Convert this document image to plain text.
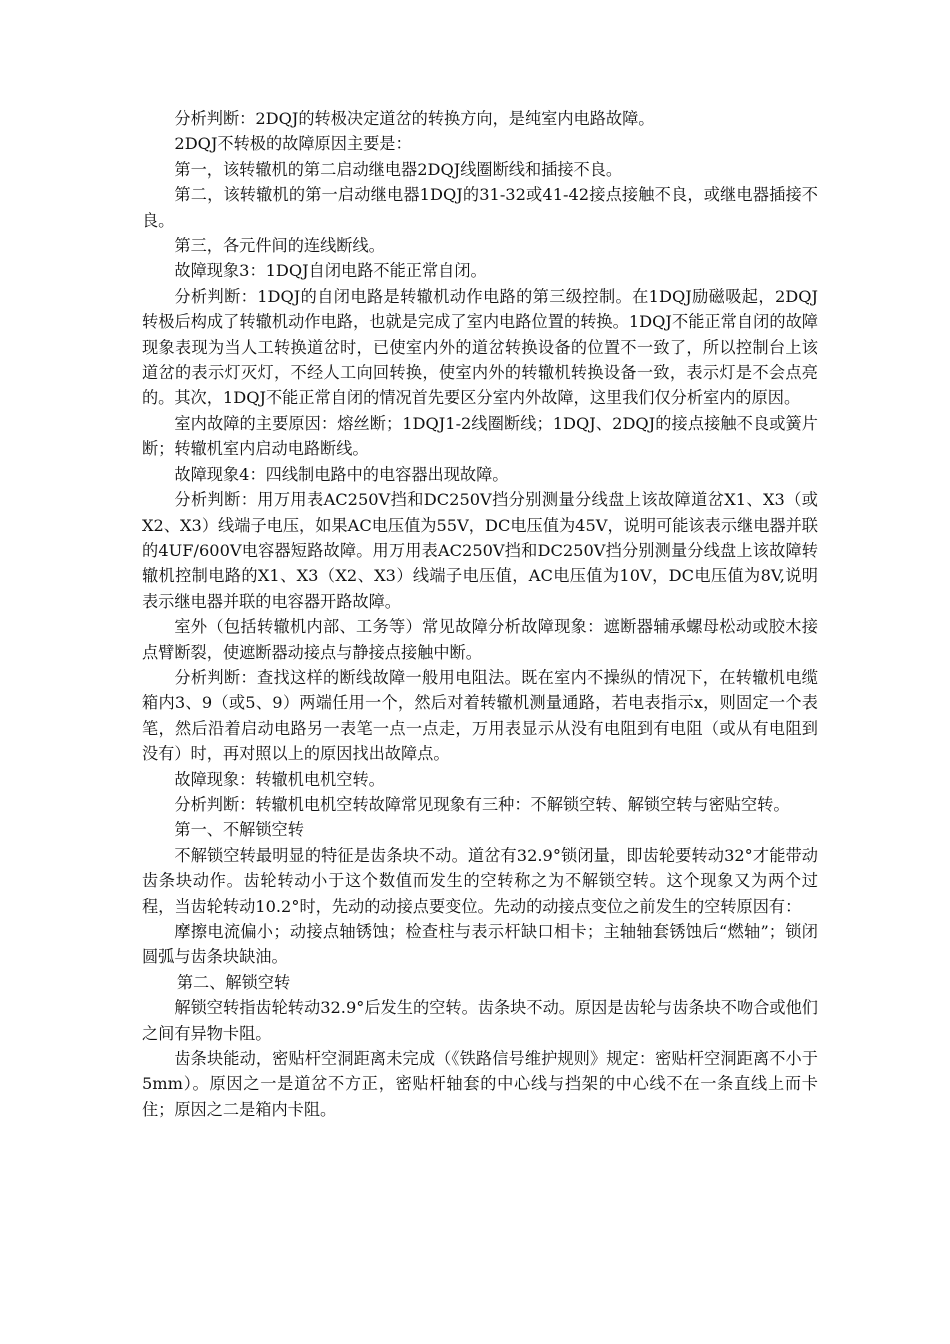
分析判断：2DQJ的转极决定道岔的转换方向，是纯室内电路故障。

2DQJ不转极的故障原因主要是：

第一，该转辙机的第二启动继电器2DQJ线圈断线和插接不良。

第二，该转辙机的第一启动继电器1DQJ的31-32或41-42接点接触不良，或继电器插接不良。

第三，各元件间的连线断线。

故障现象3：1DQJ自闭电路不能正常自闭。

分析判断：1DQJ的自闭电路是转辙机动作电路的第三级控制。在1DQJ励磁吸起，2DQJ转极后构成了转辙机动作电路，也就是完成了室内电路位置的转换。1DQJ不能正常自闭的故障现象表现为当人工转换道岔时，已使室内外的道岔转换设备的位置不一致了，所以控制台上该道岔的表示灯灭灯，不经人工向回转换，使室内外的转辙机转换设备一致，表示灯是不会点亮的。其次，1DQJ不能正常自闭的情况首先要区分室内外故障，这里我们仅分析室内的原因。

室内故障的主要原因：熔丝断；1DQJ1-2线圈断线；1DQJ、2DQJ的接点接触不良或簧片断；转辙机室内启动电路断线。

故障现象4：四线制电路中的电容器出现故障。

分析判断：用万用表AC250V挡和DC250V挡分别测量分线盘上该故障道岔X1、X3（或X2、X3）线端子电压，如果AC电压值为55V，DC电压值为45V，说明可能该表示继电器并联的4UF/600V电容器短路故障。用万用表AC250V挡和DC250V挡分别测量分线盘上该故障转辙机控制电路的X1、X3（X2、X3）线端子电压值，AC电压值为10V，DC电压值为8V,说明表示继电器并联的电容器开路故障。

室外（包括转辙机内部、工务等）常见故障分析故障现象：遮断器辅承螺母松动或胶木接点臂断裂，使遮断器动接点与静接点接触中断。

分析判断：查找这样的断线故障一般用电阻法。既在室内不操纵的情况下，在转辙机电缆箱内3、9（或5、9）两端任用一个，然后对着转辙机测量通路，若电表指示x，则固定一个表笔，然后沿着启动电路另一表笔一点一点走，万用表显示从没有电阻到有电阻（或从有电阻到没有）时，再对照以上的原因找出故障点。

故障现象：转辙机电机空转。

分析判断：转辙机电机空转故障常见现象有三种：不解锁空转、解锁空转与密贴空转。

第一、不解锁空转

不解锁空转最明显的特征是齿条块不动。道岔有32.9°锁闭量，即齿轮要转动32°才能带动齿条块动作。齿轮转动小于这个数值而发生的空转称之为不解锁空转。这个现象又为两个过程，当齿轮转动10.2°时，先动的动接点要变位。先动的动接点变位之前发生的空转原因有：

摩擦电流偏小；动接点轴锈蚀；检查柱与表示杆缺口相卡；主轴轴套锈蚀后“燃轴”；锁闭圆弧与齿条块缺油。

第二、解锁空转

解锁空转指齿轮转动32.9°后发生的空转。齿条块不动。原因是齿轮与齿条块不吻合或他们之间有异物卡阻。

齿条块能动，密贴杆空洞距离未完成（《铁路信号维护规则》规定：密贴杆空洞距离不小于5mm）。原因之一是道岔不方正，密贴杆轴套的中心线与挡架的中心线不在一条直线上而卡住；原因之二是箱内卡阻。
